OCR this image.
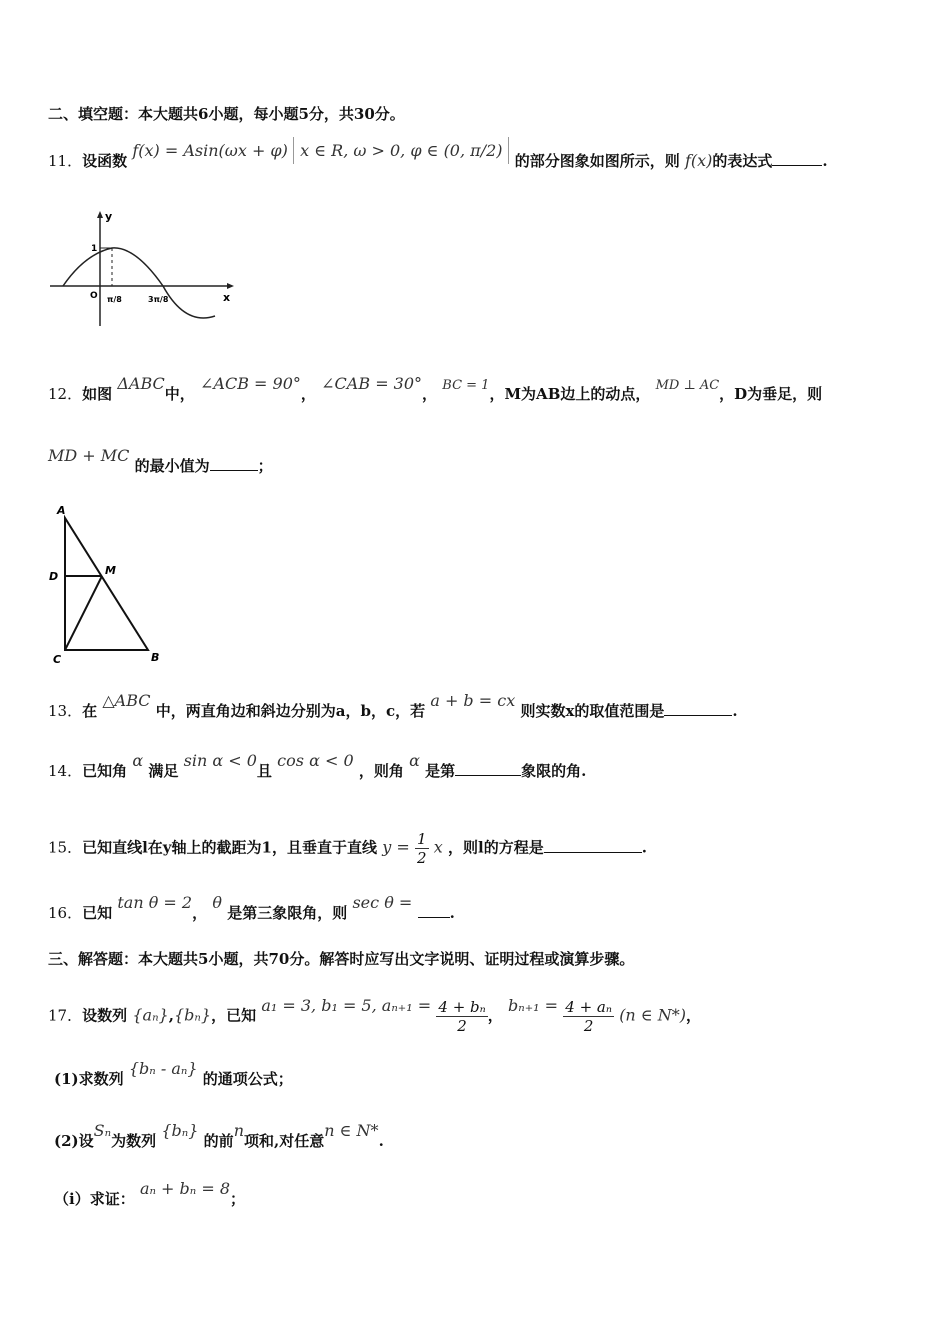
二、填空题：本大题共6小题，每小题5分，共30分。
11．设函数 f(x) = Asin(ωx + φ) x ∈ R, ω > 0, φ ∈ (0, π/2) 的部分图象如图所示，则 f(x)的表达式	.
y
x
O
1
π/8	3π/8
12．如图 ΔABC中， ∠ACB = 90°， ∠CAB = 30°， BC = 1，M为AB边上的动点， MD ⊥ AC，D为垂足，则
MD + MC 的最小值为	；
A
D	M
C	B
13．在 △ABC 中，两直角边和斜边分别为a，b，c，若 a + b = cx 则实数x的取值范围是	.
14．已知角 α 满足 sin α < 0且 cos α < 0 ，则角 α 是第	象限的角.
15．已知直线l在y轴上的截距为1，且垂直于直线 $y = \frac{1}{2}$ x ，则l的方程是	.
16．已知 tan θ = 2， θ 是第三象限角，则 sec θ = .
三、解答题：本大题共5小题，共70分。解答时应写出文字说明、证明过程或演算步骤。
17．设数列 {aₙ},{bₙ}，已知 a₁ = 3, b₁ = 5, $a_{n+1} = \frac{\text{4 + bₙ}}{2}$ ， $b_{n+1} = \frac{\text{4 + aₙ}}{2} (n$ ∈ N*)，
(1)求数列 {bₙ - aₙ} 的通项公式；
(2)设Sₙ为数列 {bₙ} 的前n项和,对任意n ∈ N*.
（i）求证： aₙ + bₙ = 8；
